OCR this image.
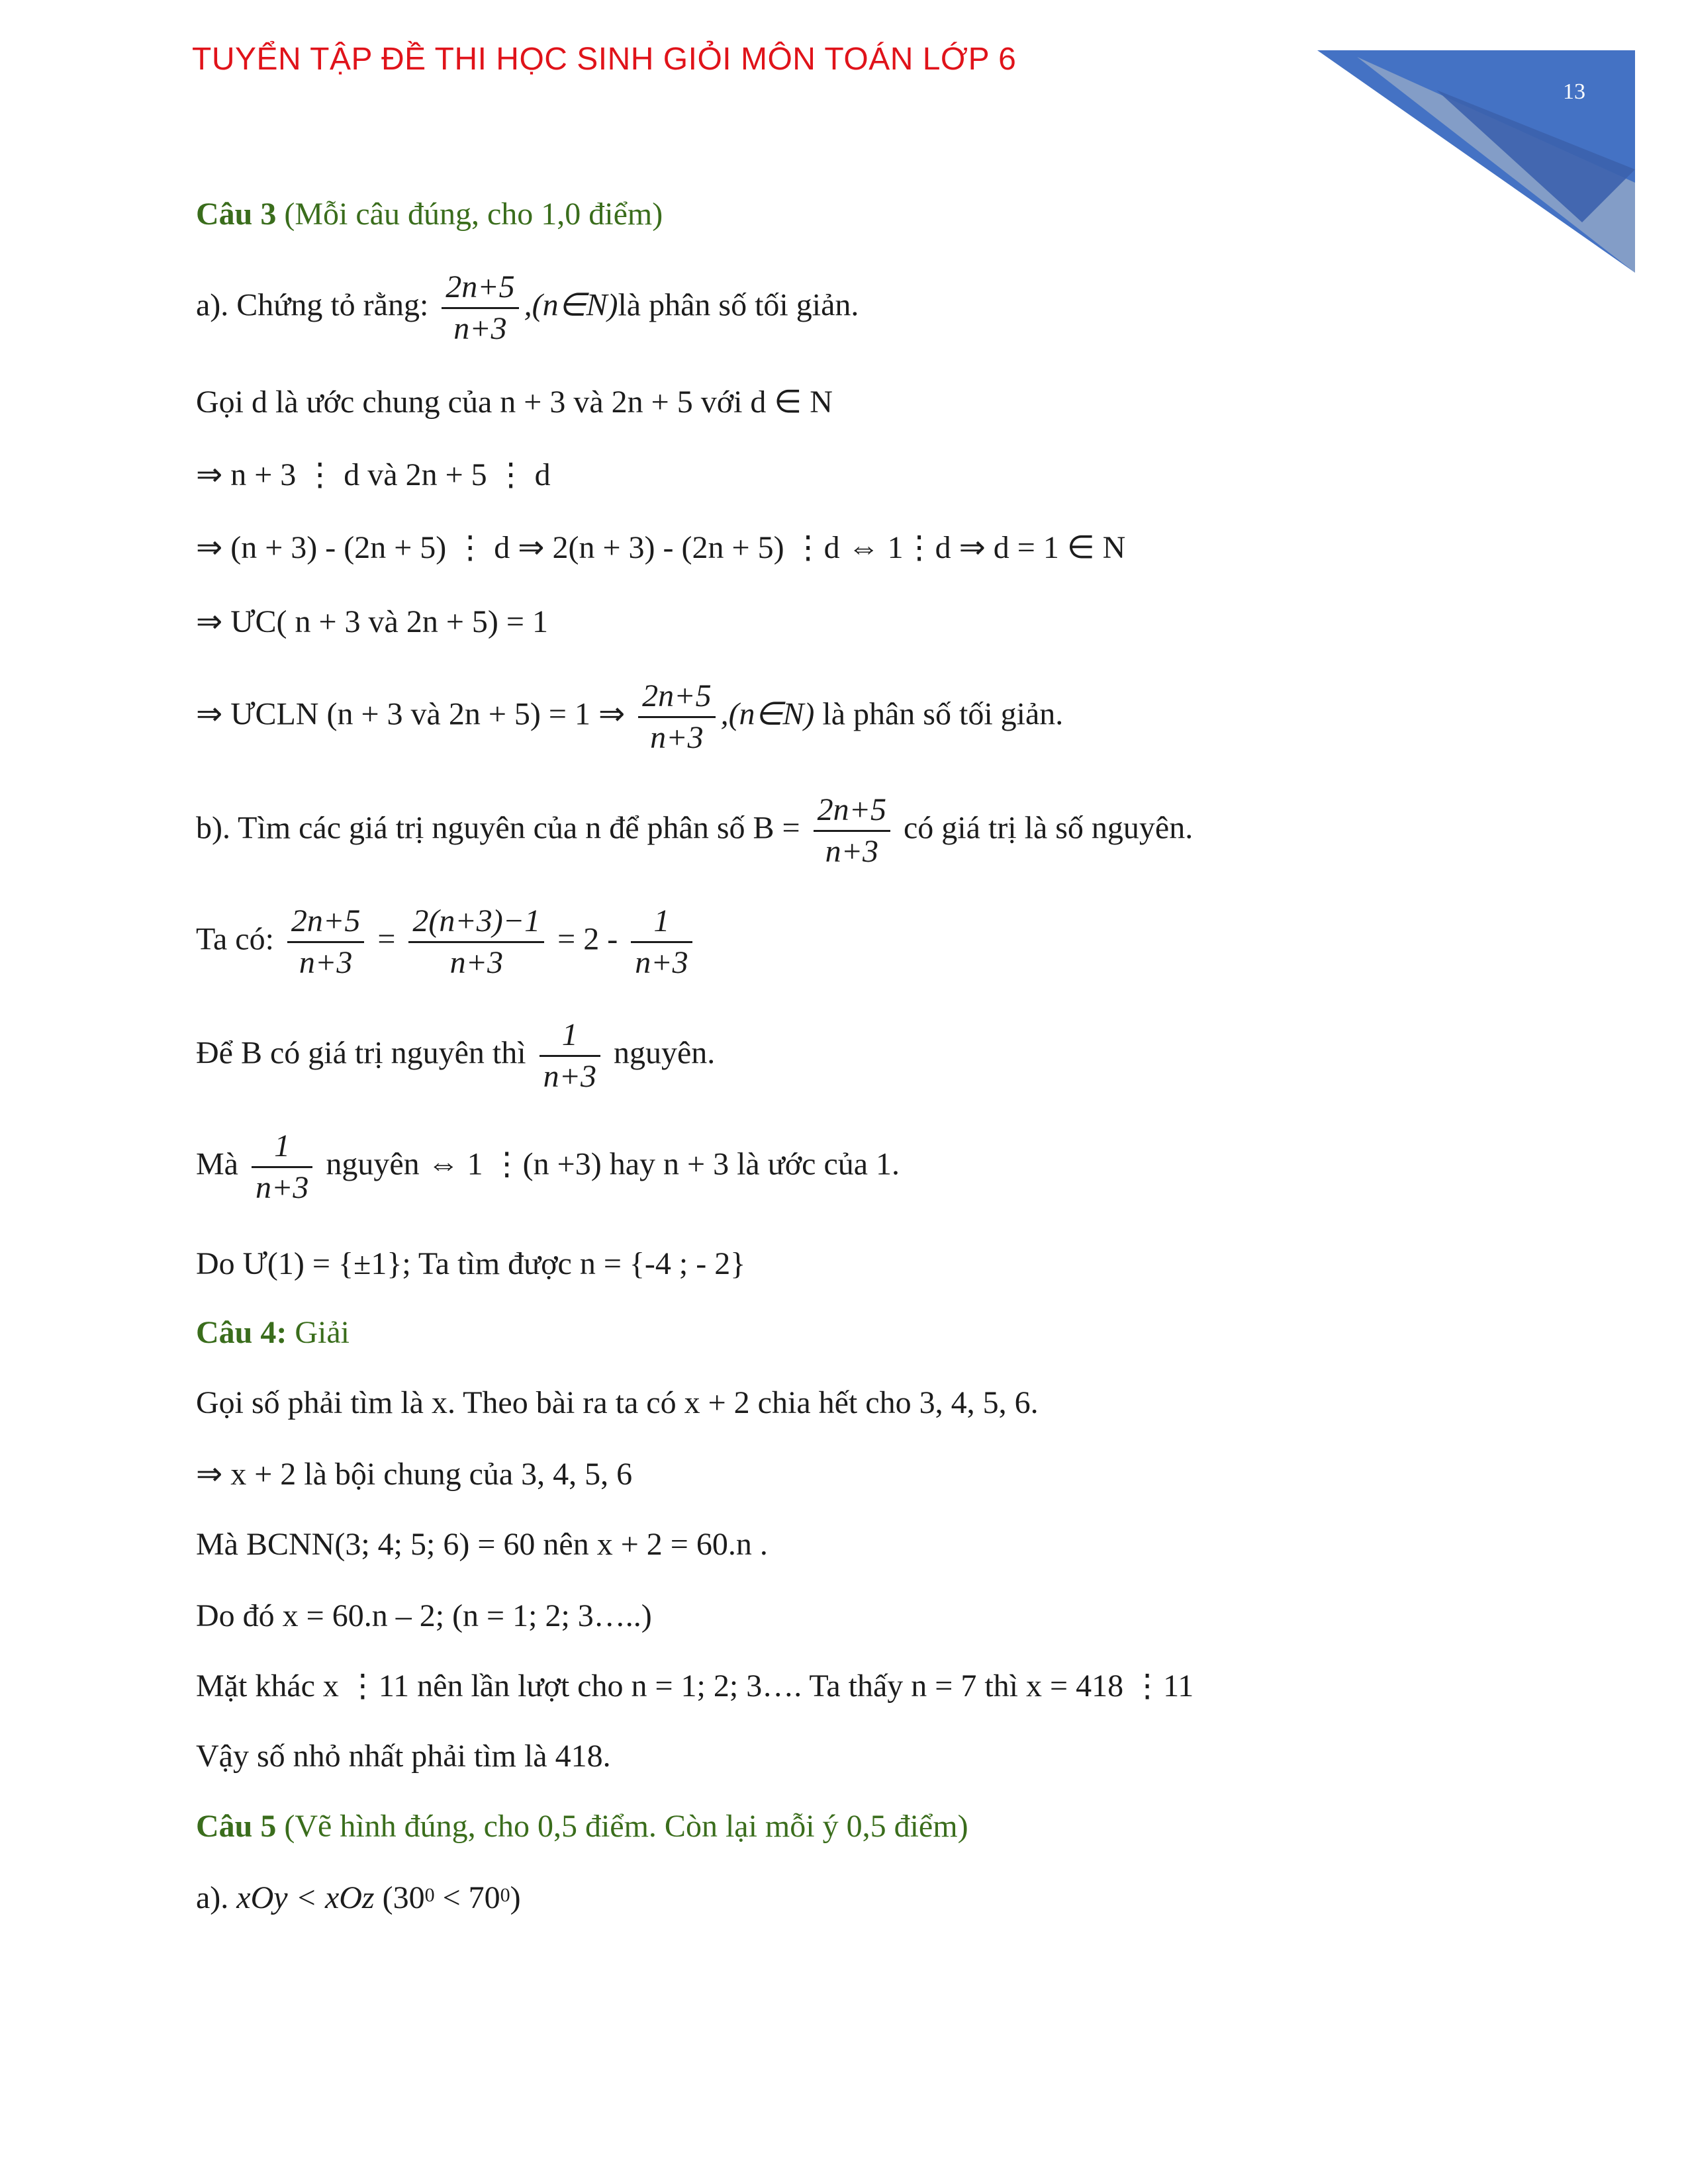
TUYỂN TẬP ĐỀ THI HỌC SINH GIỎI MÔN TOÁN LỚP 6
13
Câu 3 (Mỗi câu đúng, cho 1,0 điểm)
a). Chứng tỏ rằng: $\frac{2n+5}{n+3}$ ,(n∈N)là phân số tối giản.
Gọi d là ước chung của n + 3 và 2n + 5 với d ∈ N
⇒ n + 3 ⋮ d và 2n + 5 ⋮ d
⇒ (n + 3) - (2n + 5) ⋮ d ⇒ 2(n + 3) - (2n + 5) ⋮d ⇔ 1⋮d ⇒ d = 1 ∈ N
⇒ ƯC( n + 3 và 2n + 5) = 1
⇒ ƯCLN (n + 3 và 2n + 5) = 1 ⇒ $\frac{2n+5}{n+3}$ ,(n∈N) là phân số tối giản.
b). Tìm các giá trị nguyên của n để phân số $B = \frac{2n+5}{n+3}$ có giá trị là số nguyên.
Ta có: $\frac{2n+5}{n+3} = \frac{2(n+3)-1}{n+3} = 2 - \frac{1}{n+3}$
Để B có giá trị nguyên thì $\frac{1}{n+3}$ nguyên.
Mà $\frac{1}{n+3}$ nguyên ⇔ 1 ⋮(n +3) hay n + 3 là ước của 1.
Do Ư(1) = {±1}; Ta tìm được n = {-4 ; - 2}
Câu 4: Giải
Gọi số phải tìm là x. Theo bài ra ta có x + 2 chia hết cho 3, 4, 5, 6.
⇒ x + 2 là bội chung của 3, 4, 5, 6
Mà BCNN(3; 4; 5; 6) = 60 nên x + 2 = 60.n .
Do đó x = 60.n – 2; (n = 1; 2; 3…..)
Mặt khác x ⋮11 nên lần lượt cho n = 1; 2; 3…. Ta thấy n = 7 thì x = 418 ⋮11
Vậy số nhỏ nhất phải tìm là 418.
Câu 5 (Vẽ hình đúng, cho 0,5 điểm. Còn lại mỗi ý 0,5 điểm)
a). xOy < xOz $(30^0 < 70^0)$
